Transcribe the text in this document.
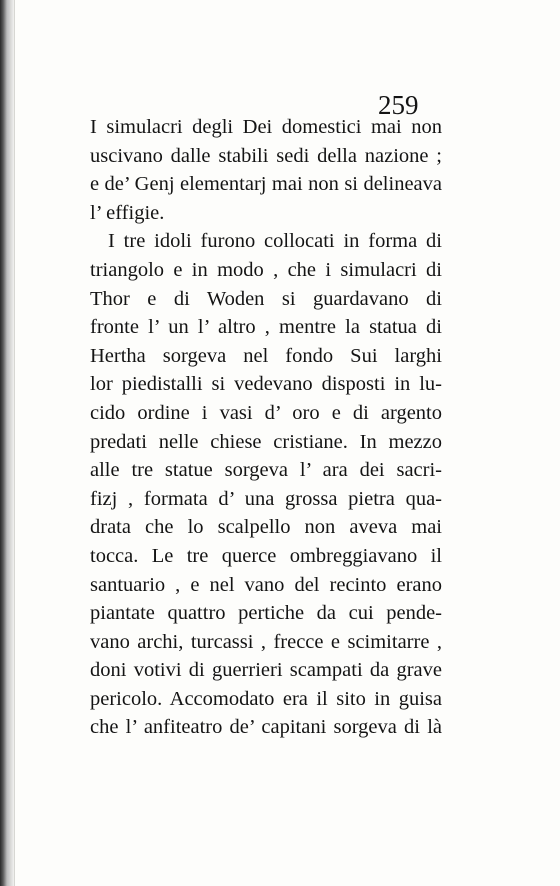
259
I simulacri degli Dei domestici mai non
uscivano dalle stabili sedi della nazione ;
e de’ Genj elementarj mai non si delineava
l’ effigie.
I tre idoli furono collocati in forma di
triangolo e in modo , che i simulacri di
Thor e di Woden si guardavano di
fronte l’ un l’ altro , mentre la statua di
Hertha sorgeva nel fondo Sui larghi
lor piedistalli si vedevano disposti in lu-
cido ordine i vasi d’ oro e di argento
predati nelle chiese cristiane. In mezzo
alle tre statue sorgeva l’ ara dei sacri-
fizj , formata d’ una grossa pietra qua-
drata che lo scalpello non aveva mai
tocca. Le tre querce ombreggiavano il
santuario , e nel vano del recinto erano
piantate quattro pertiche da cui pende-
vano archi, turcassi , frecce e scimitarre ,
doni votivi di guerrieri scampati da grave
pericolo. Accomodato era il sito in guisa
che l’ anfiteatro de’ capitani sorgeva di là
